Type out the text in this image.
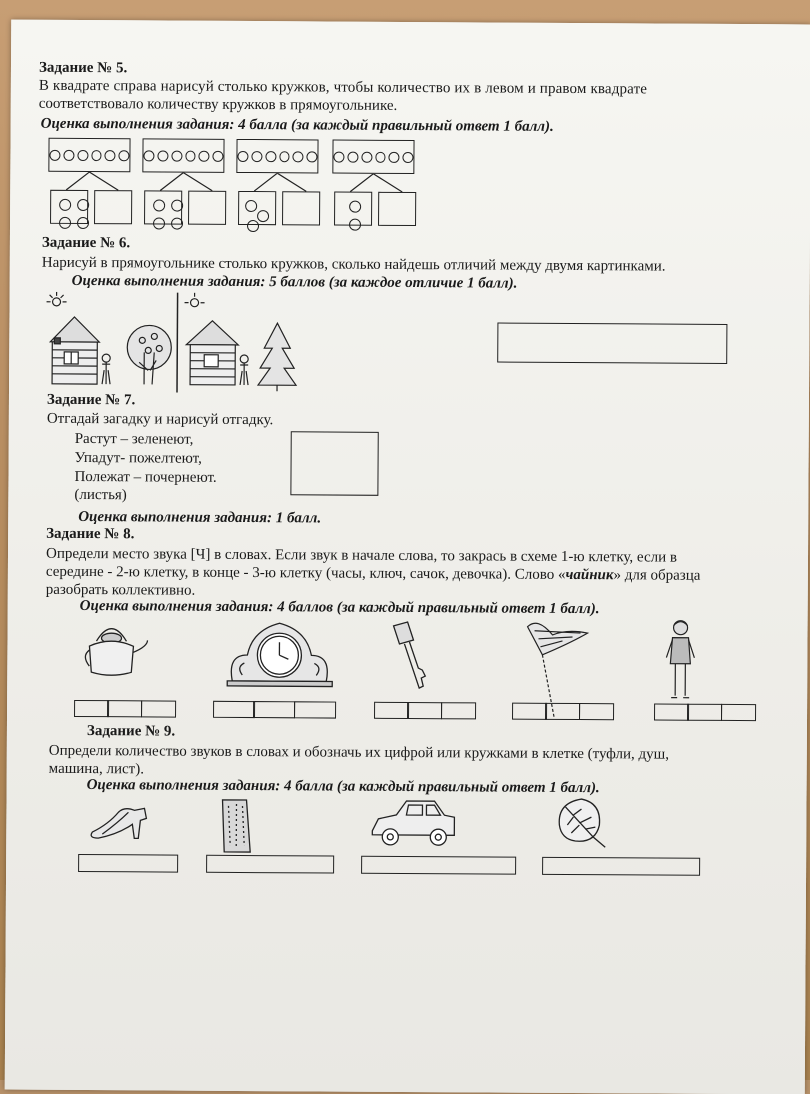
Задание № 5.
В квадрате справа нарисуй столько кружков, чтобы количество их в левом и правом квадрате
соответствовало количеству кружков в прямоугольнике.
Оценка выполнения задания: 4 балла (за каждый правильный ответ 1 балл).
Задание № 6.
Нарисуй в прямоугольнике столько кружков, сколько найдешь отличий между двумя картинками.
Оценка выполнения задания: 5 баллов (за каждое отличие 1 балл).
Задание № 7.
Отгадай загадку и нарисуй отгадку.
Растут – зеленеют,
Упадут- пожелтеют,
Полежат – почернеют.
(листья)
Оценка выполнения задания: 1 балл.
Задание № 8.
Определи место звука [Ч] в словах. Если звук в начале слова, то закрась в схеме 1-ю клетку, если в
середине - 2-ю клетку, в конце - 3-ю клетку (часы, ключ, сачок, девочка). Слово «чайник» для образца
разобрать коллективно.
Оценка выполнения задания: 4 баллов (за каждый правильный ответ 1 балл).
Задание № 9.
Определи количество звуков в словах и обозначь их цифрой или кружками в клетке (туфли, душ,
машина, лист).
Оценка выполнения задания: 4 балла (за каждый правильный ответ 1 балл).
